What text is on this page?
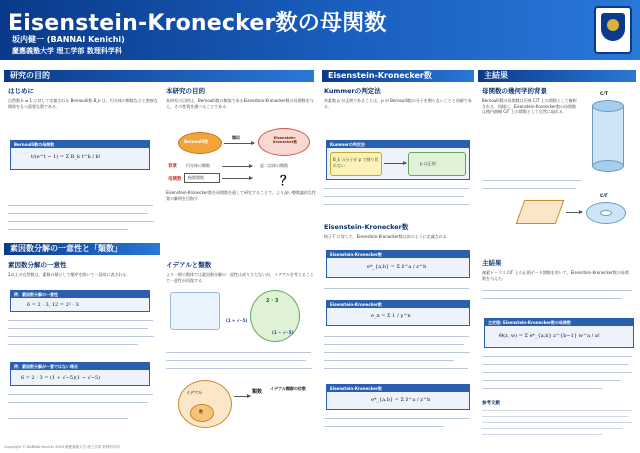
Eisenstein-Kronecker数の母関数
坂内健一 (BANNAI Kenichi)
慶應義塾大学 理工学部 数理科学科
研究の目的
素因数分解の一意性と「類数」
Eisenstein-Kronecker数	主結果
はじめに
自然数 k ≥ 1 に対して定義される Bernoulli数 B_k は，円分体の類数などと密接な関係をもつ重要な数である．
Bernoulli数の母関数
t/(e^t − 1) = Σ B_k t^k / k!
本研究の目的
本研究の目的は，Bernoulli数の類似であるEisenstein-Kronecker数の母関数を与え，その性質を調べることである．
Bernoulli数
類似	Eisenstein-Kronecker数
背景 円分体の類数	虚二次体の類数
母関数 指数関数	？
Eisenstein-Kronecker数を母関数を通して研究することで，より深い整数論的な性質の解明を目指す．
素因数分解の一意性
2以上の自然数は，素数の積として順序を除いて一意的に表される．
例：素因数分解の一意性
6 = 2 · 3, 12 = 2² · 3
例：素因数分解が一意ではない場合
6 = 2 · 3 = (1 + √−5)(1 − √−5)
イデアルと類数
より一般の数体では素因数分解の一意性は成り立たないが，イデアルを考えることで一意性が回復する．
2 · 3
(1 + √−5)
(1 − √−5)
イデアル
数
類数
イデアル類群の位数
Kummerの判定法
奇素数 p が正則であることは，p が Bernoulli数の分子を割らないことと同値である．
Kummerの判定法
B_k の分子が p で割り切れない	p は正則
Eisenstein-Kronecker数
格子 Γ に対して，Eisenstein-Kronecker数は次のように定義される．
Eisenstein-Kronecker数
e*_{a,b} = Σ z̄^a / z^b
Eisenstein-Kronecker数
e_n = Σ 1 / γ^n
Eisenstein-Kronecker数
e*_{a,b} = Σ z̄^a / z^b
母関数の幾何学的背景
Bernoulli数の母関数は円周 C/T 上の関数として解釈される．同様に，Eisenstein-Kronecker数の母関数は楕円曲線 C/Γ 上の関数として自然に現れる．
C/T
C/Γ
主結果
複素トーラス C/Γ 上の正則テータ関数を用いて，Eisenstein-Kronecker数の母関数を与えた．
主定理: Eisenstein-Kronecker数の母関数
Θ(z, w) = Σ e*_{a,b} z^{b−1} w^a / a!
参考文献
Copyright © BANNAI Kenichi 2009 慶應義塾大学 理工学部 数理科学科
